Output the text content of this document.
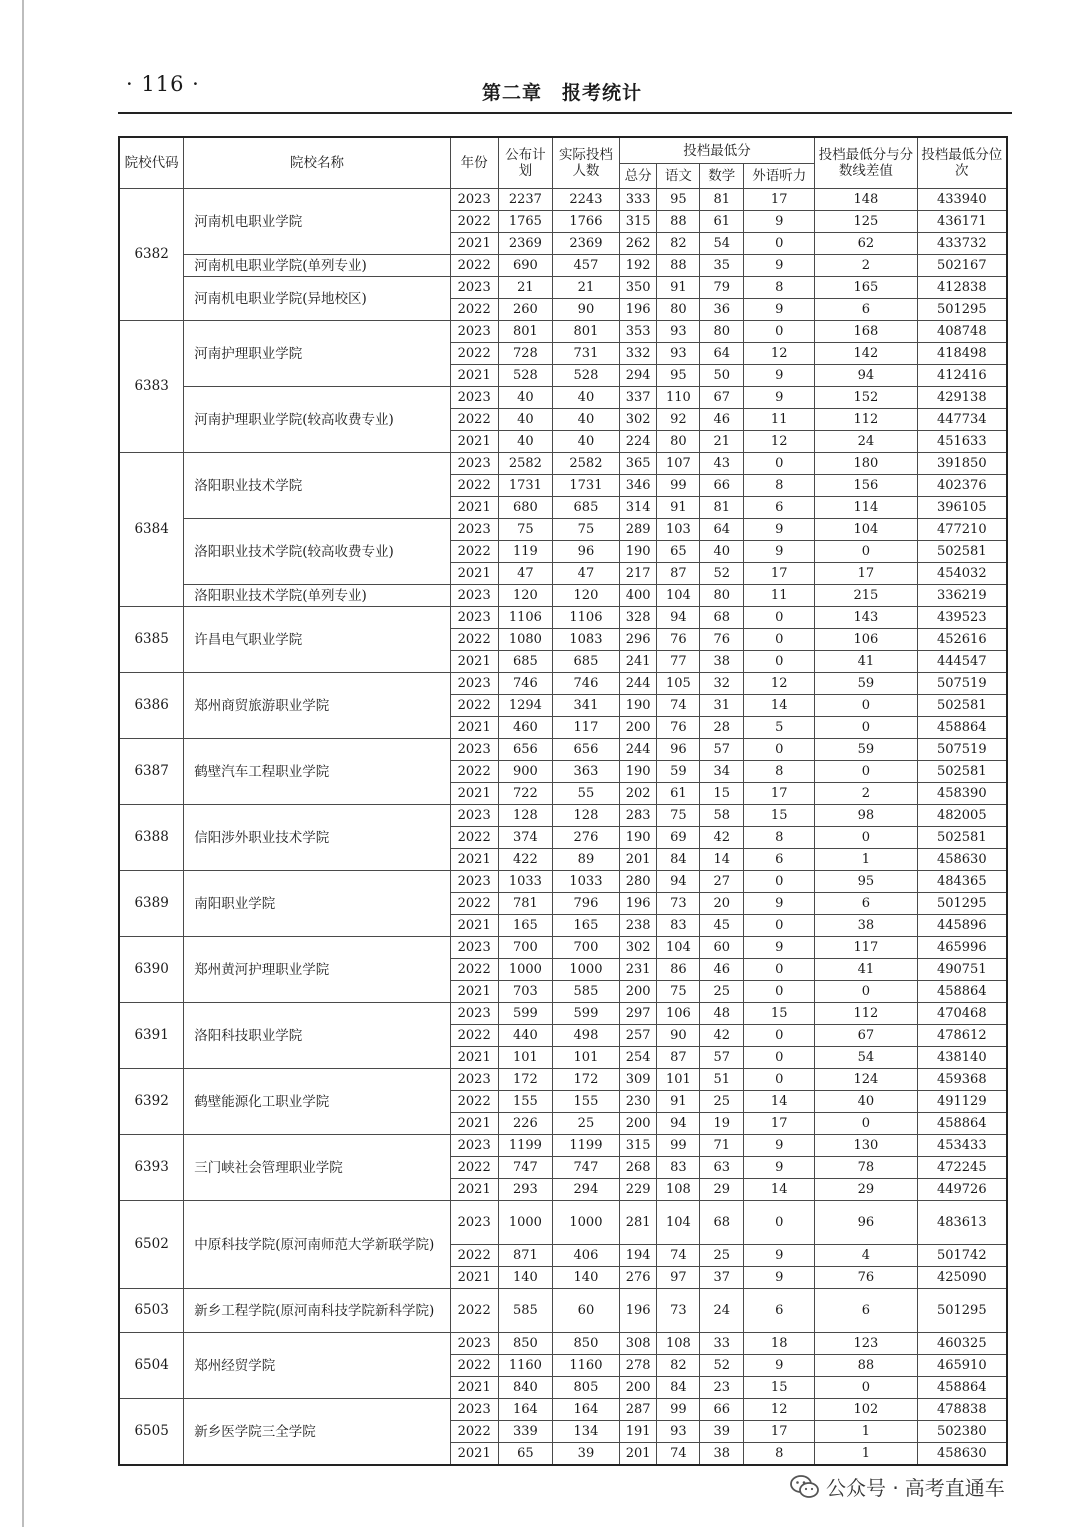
· 116 ·	第二章　报考统计
院校代码	院校名称	年份	公布计划	实际投档人数	投档最低分				投档最低分与分数线差值	投档最低分位次
					总分	语文	数学	外语听力		
6382	河南机电职业学院	2023	2237	2243	333	95	81	17	148	433940
		2022	1765	1766	315	88	61	9	125	436171
		2021	2369	2369	262	82	54	0	62	433732
	河南机电职业学院(单列专业)	2022	690	457	192	88	35	9	2	502167
	河南机电职业学院(异地校区)	2023	21	21	350	91	79	8	165	412838
		2022	260	90	196	80	36	9	6	501295
6383	河南护理职业学院	2023	801	801	353	93	80	0	168	408748
		2022	728	731	332	93	64	12	142	418498
		2021	528	528	294	95	50	9	94	412416
	河南护理职业学院(较高收费专业)	2023	40	40	337	110	67	9	152	429138
		2022	40	40	302	92	46	11	112	447734
		2021	40	40	224	80	21	12	24	451633
6384	洛阳职业技术学院	2023	2582	2582	365	107	43	0	180	391850
		2022	1731	1731	346	99	66	8	156	402376
		2021	680	685	314	91	81	6	114	396105
	洛阳职业技术学院(较高收费专业)	2023	75	75	289	103	64	9	104	477210
		2022	119	96	190	65	40	9	0	502581
		2021	47	47	217	87	52	17	17	454032
	洛阳职业技术学院(单列专业)	2023	120	120	400	104	80	11	215	336219
6385	许昌电气职业学院	2023	1106	1106	328	94	68	0	143	439523
		2022	1080	1083	296	76	76	0	106	452616
		2021	685	685	241	77	38	0	41	444547
6386	郑州商贸旅游职业学院	2023	746	746	244	105	32	12	59	507519
		2022	1294	341	190	74	31	14	0	502581
		2021	460	117	200	76	28	5	0	458864
6387	鹤壁汽车工程职业学院	2023	656	656	244	96	57	0	59	507519
		2022	900	363	190	59	34	8	0	502581
		2021	722	55	202	61	15	17	2	458390
6388	信阳涉外职业技术学院	2023	128	128	283	75	58	15	98	482005
		2022	374	276	190	69	42	8	0	502581
		2021	422	89	201	84	14	6	1	458630
6389	南阳职业学院	2023	1033	1033	280	94	27	0	95	484365
		2022	781	796	196	73	20	9	6	501295
		2021	165	165	238	83	45	0	38	445896
6390	郑州黄河护理职业学院	2023	700	700	302	104	60	9	117	465996
		2022	1000	1000	231	86	46	0	41	490751
		2021	703	585	200	75	25	0	0	458864
6391	洛阳科技职业学院	2023	599	599	297	106	48	15	112	470468
		2022	440	498	257	90	42	0	67	478612
		2021	101	101	254	87	57	0	54	438140
6392	鹤壁能源化工职业学院	2023	172	172	309	101	51	0	124	459368
		2022	155	155	230	91	25	14	40	491129
		2021	226	25	200	94	19	17	0	458864
6393	三门峡社会管理职业学院	2023	1199	1199	315	99	71	9	130	453433
		2022	747	747	268	83	63	9	78	472245
		2021	293	294	229	108	29	14	29	449726
6502	中原科技学院(原河南师范大学新联学院)	2023	1000	1000	281	104	68	0	96	483613
		2022	871	406	194	74	25	9	4	501742
		2021	140	140	276	97	37	9	76	425090
6503	新乡工程学院(原河南科技学院新科学院)	2022	585	60	196	73	24	6	6	501295
6504	郑州经贸学院	2023	850	850	308	108	33	18	123	460325
		2022	1160	1160	278	82	52	9	88	465910
		2021	840	805	200	84	23	15	0	458864
6505	新乡医学院三全学院	2023	164	164	287	99	66	12	102	478838
		2022	339	134	191	93	39	17	1	502380
		2021	65	39	201	74	38	8	1	458630
公众号 · 高考直通车
